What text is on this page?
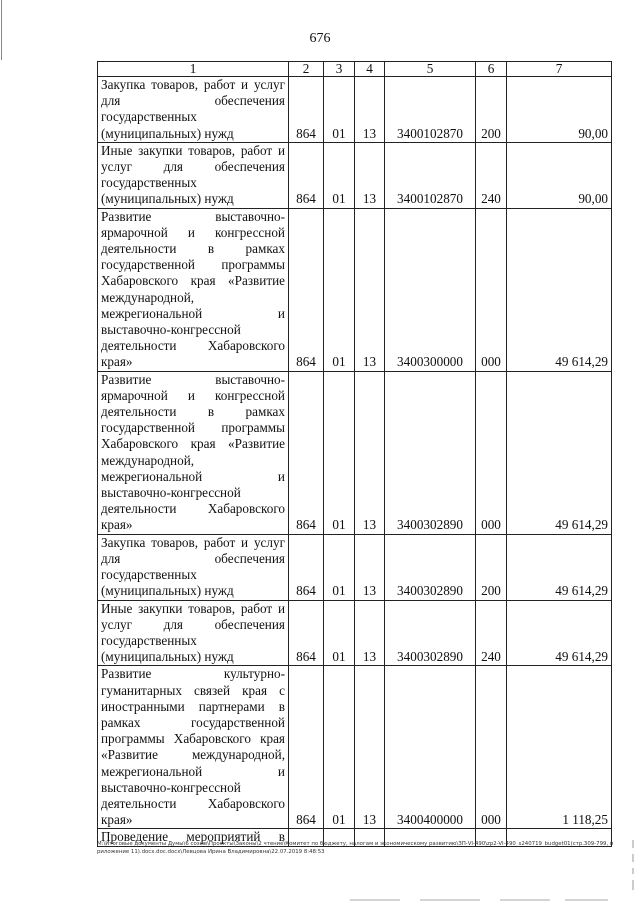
676
1	2	3	4	5	6	7
Закупка товаров, работ и услуг для обеспечения государственных (муниципальных) нужд	864	01	13	3400102870	200	90,00
Иные закупки товаров, работ и услуг для обеспечения государственных (муниципальных) нужд	864	01	13	3400102870	240	90,00
Развитие выставочно-ярмарочной и конгрессной деятельности в рамках государственной программы Хабаровского края «Развитие международной, межрегиональной и выставочно-конгрессной деятельности Хабаровского края»	864	01	13	3400300000	000	49 614,29
Развитие выставочно-ярмарочной и конгрессной деятельности в рамках государственной программы Хабаровского края «Развитие международной, межрегиональной и выставочно-конгрессной деятельности Хабаровского края»	864	01	13	3400302890	000	49 614,29
Закупка товаров, работ и услуг для обеспечения государственных (муниципальных) нужд	864	01	13	3400302890	200	49 614,29
Иные закупки товаров, работ и услуг для обеспечения государственных (муниципальных) нужд	864	01	13	3400302890	240	49 614,29
Развитие культурно-гуманитарных связей края с иностранными партнерами в рамках государственной программы Хабаровского края «Развитие международной, межрегиональной и выставочно-конгрессной деятельности Хабаровского края»	864	01	13	3400400000	000	1 118,25
Проведение мероприятий в						
M:\Итоговые документы Думы\6 созыв\Проекты\Законы\2 чтение\Комитет по бюджету, налогам и экономическому развитию\ЗП-VI-490\zp2-VI-490_s240719_budget01(стр.309-799, приложение 11).docx.doc.docx\Левцова Ирина Владимировна\22.07.2019 8:48:53
